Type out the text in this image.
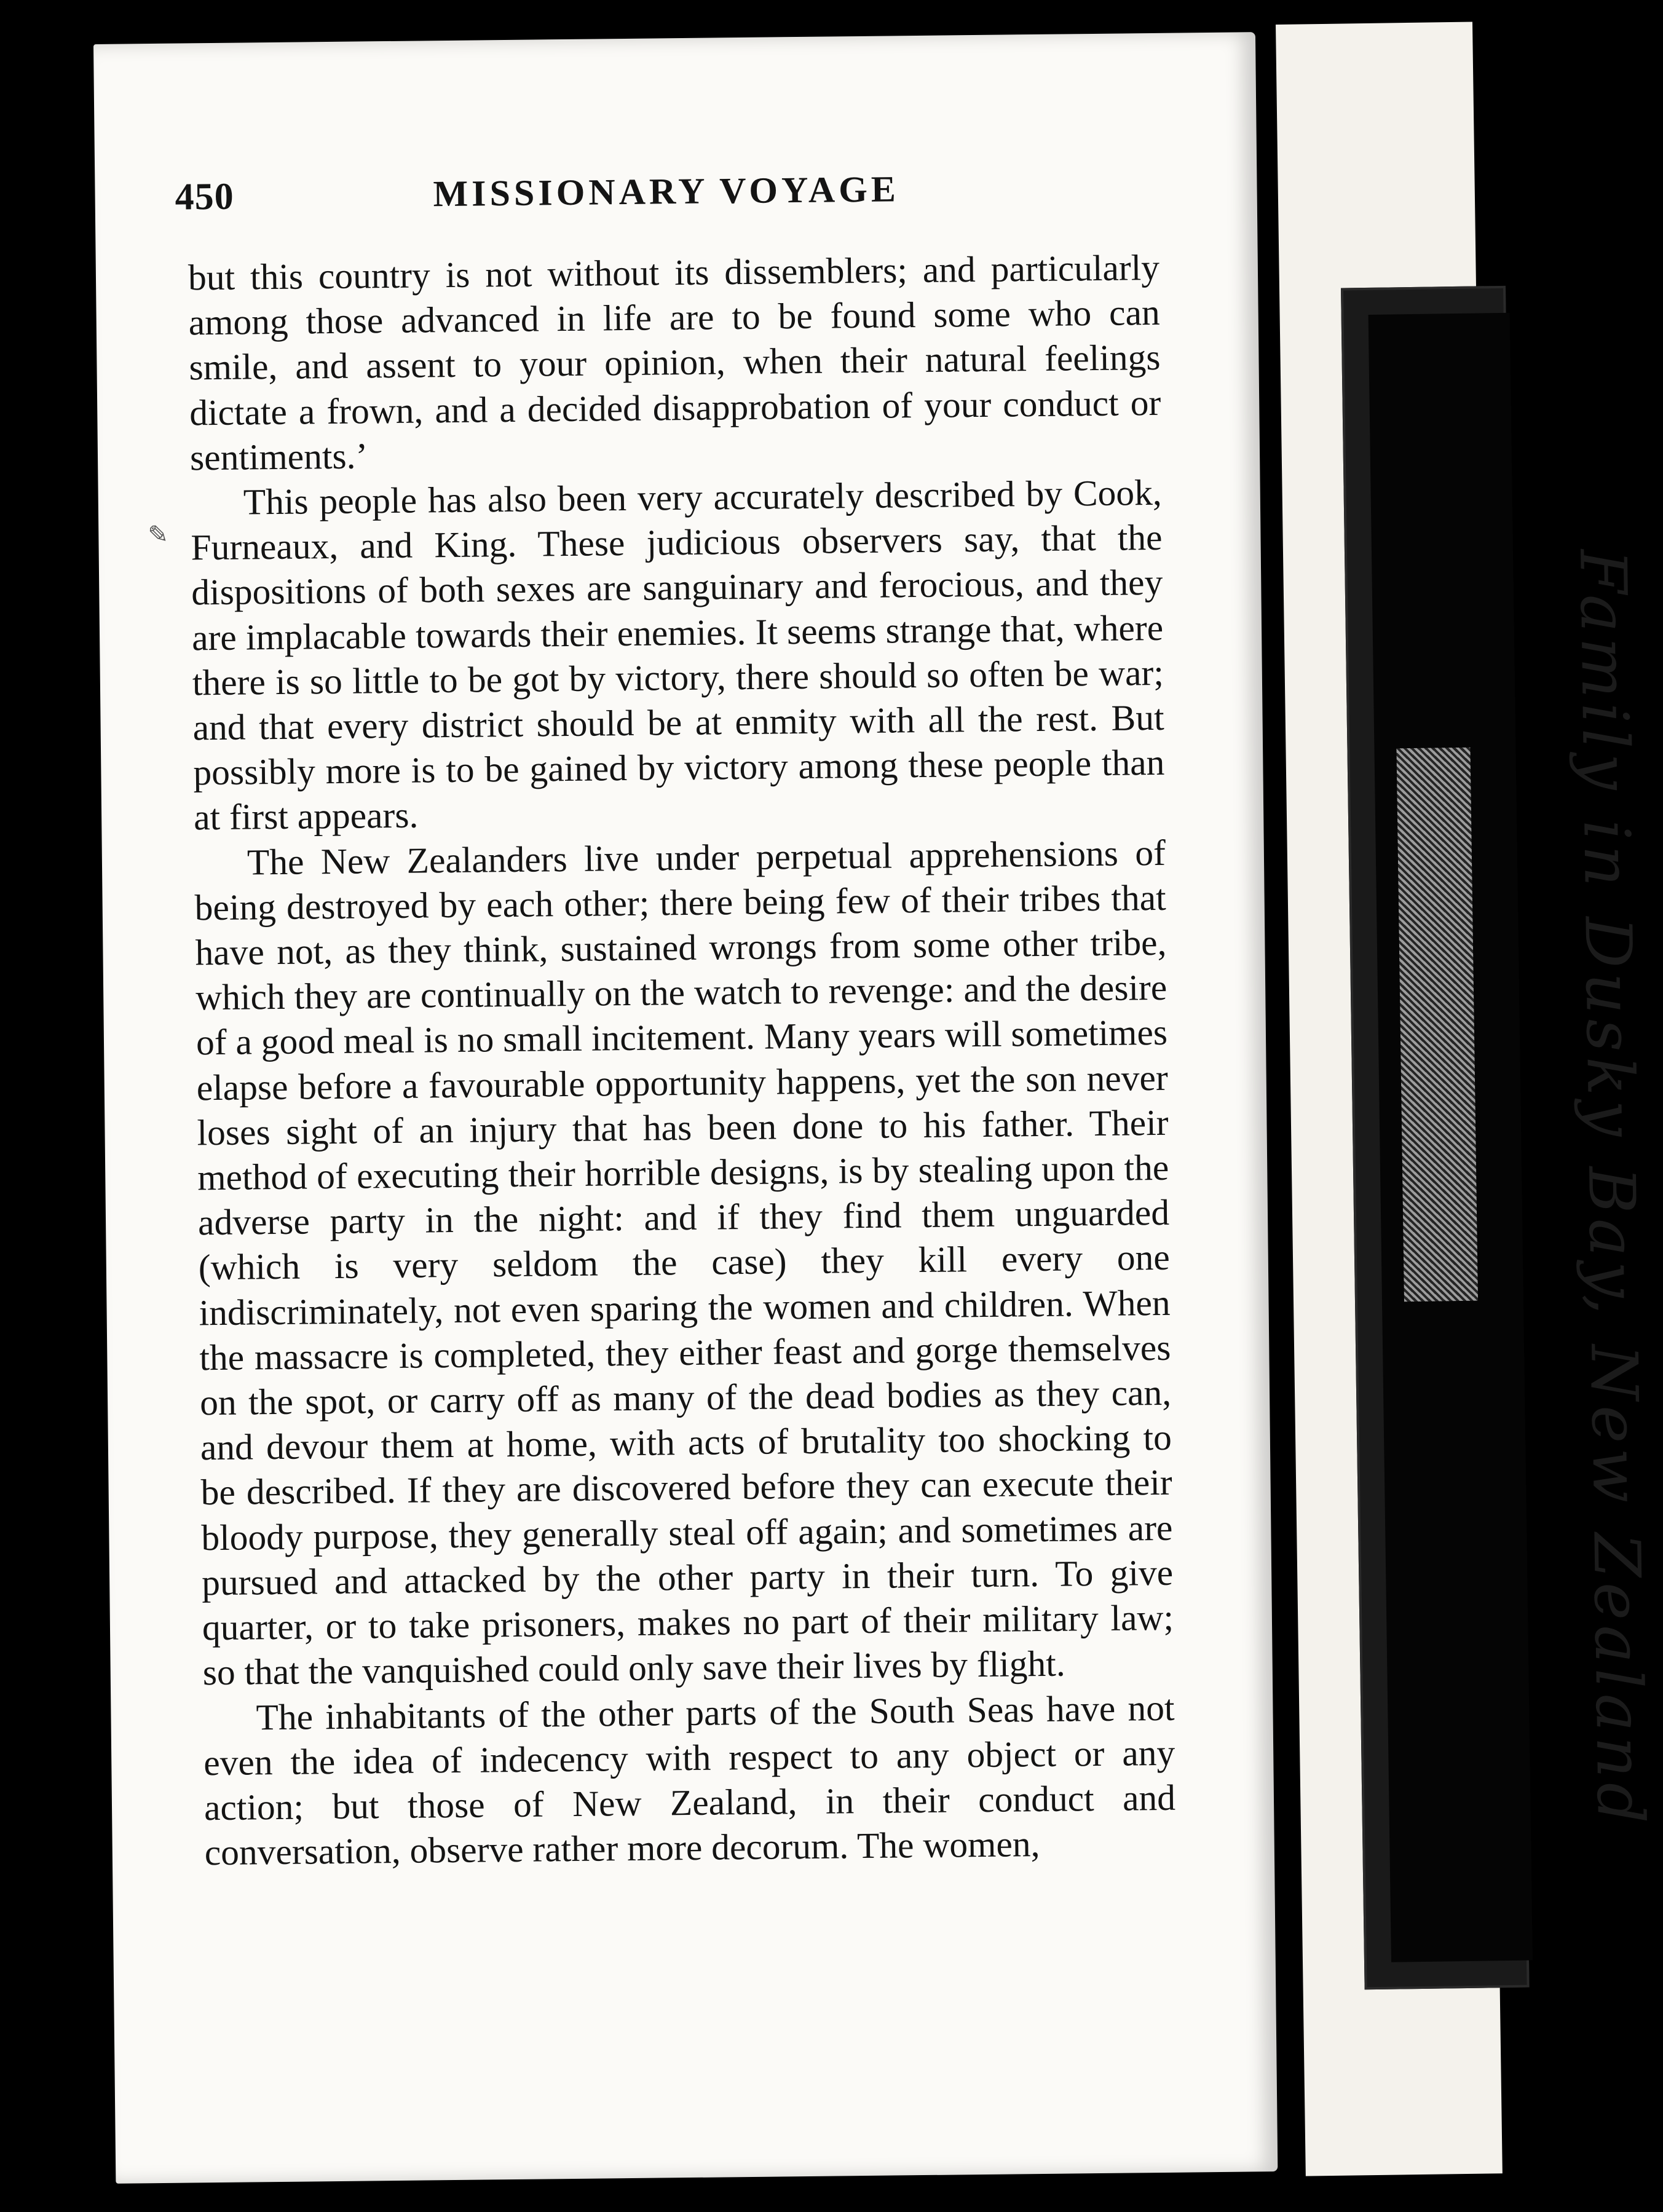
✎
450	MISSIONARY VOYAGE

but this country is not without its dissemblers; and particularly among those advanced in life are to be found some who can smile, and assent to your opinion, when their natural feelings dictate a frown, and a decided disapprobation of your conduct or sentiments.’

This people has also been very accurately described by Cook, Furneaux, and King. These judicious observers say, that the dispositions of both sexes are sanguinary and ferocious, and they are implacable towards their enemies. It seems strange that, where there is so little to be got by victory, there should so often be war; and that every district should be at enmity with all the rest. But possibly more is to be gained by victory among these people than at first appears.

The New Zealanders live under perpetual apprehensions of being destroyed by each other; there being few of their tribes that have not, as they think, sustained wrongs from some other tribe, which they are continually on the watch to revenge: and the desire of a good meal is no small incitement. Many years will sometimes elapse before a favourable opportunity happens, yet the son never loses sight of an injury that has been done to his father. Their method of executing their horrible designs, is by stealing upon the adverse party in the night: and if they find them unguarded (which is very seldom the case) they kill every one indiscriminately, not even sparing the women and children. When the massacre is completed, they either feast and gorge themselves on the spot, or carry off as many of the dead bodies as they can, and devour them at home, with acts of brutality too shocking to be described. If they are discovered before they can execute their bloody purpose, they generally steal off again; and sometimes are pursued and attacked by the other party in their turn. To give quarter, or to take prisoners, makes no part of their military law; so that the vanquished could only save their lives by flight.

The inhabitants of the other parts of the South Seas have not even the idea of indecency with respect to any object or any action; but those of New Zealand, in their conduct and conversation, observe rather more decorum. The women,

Family in Dusky Bay, New Zealand
